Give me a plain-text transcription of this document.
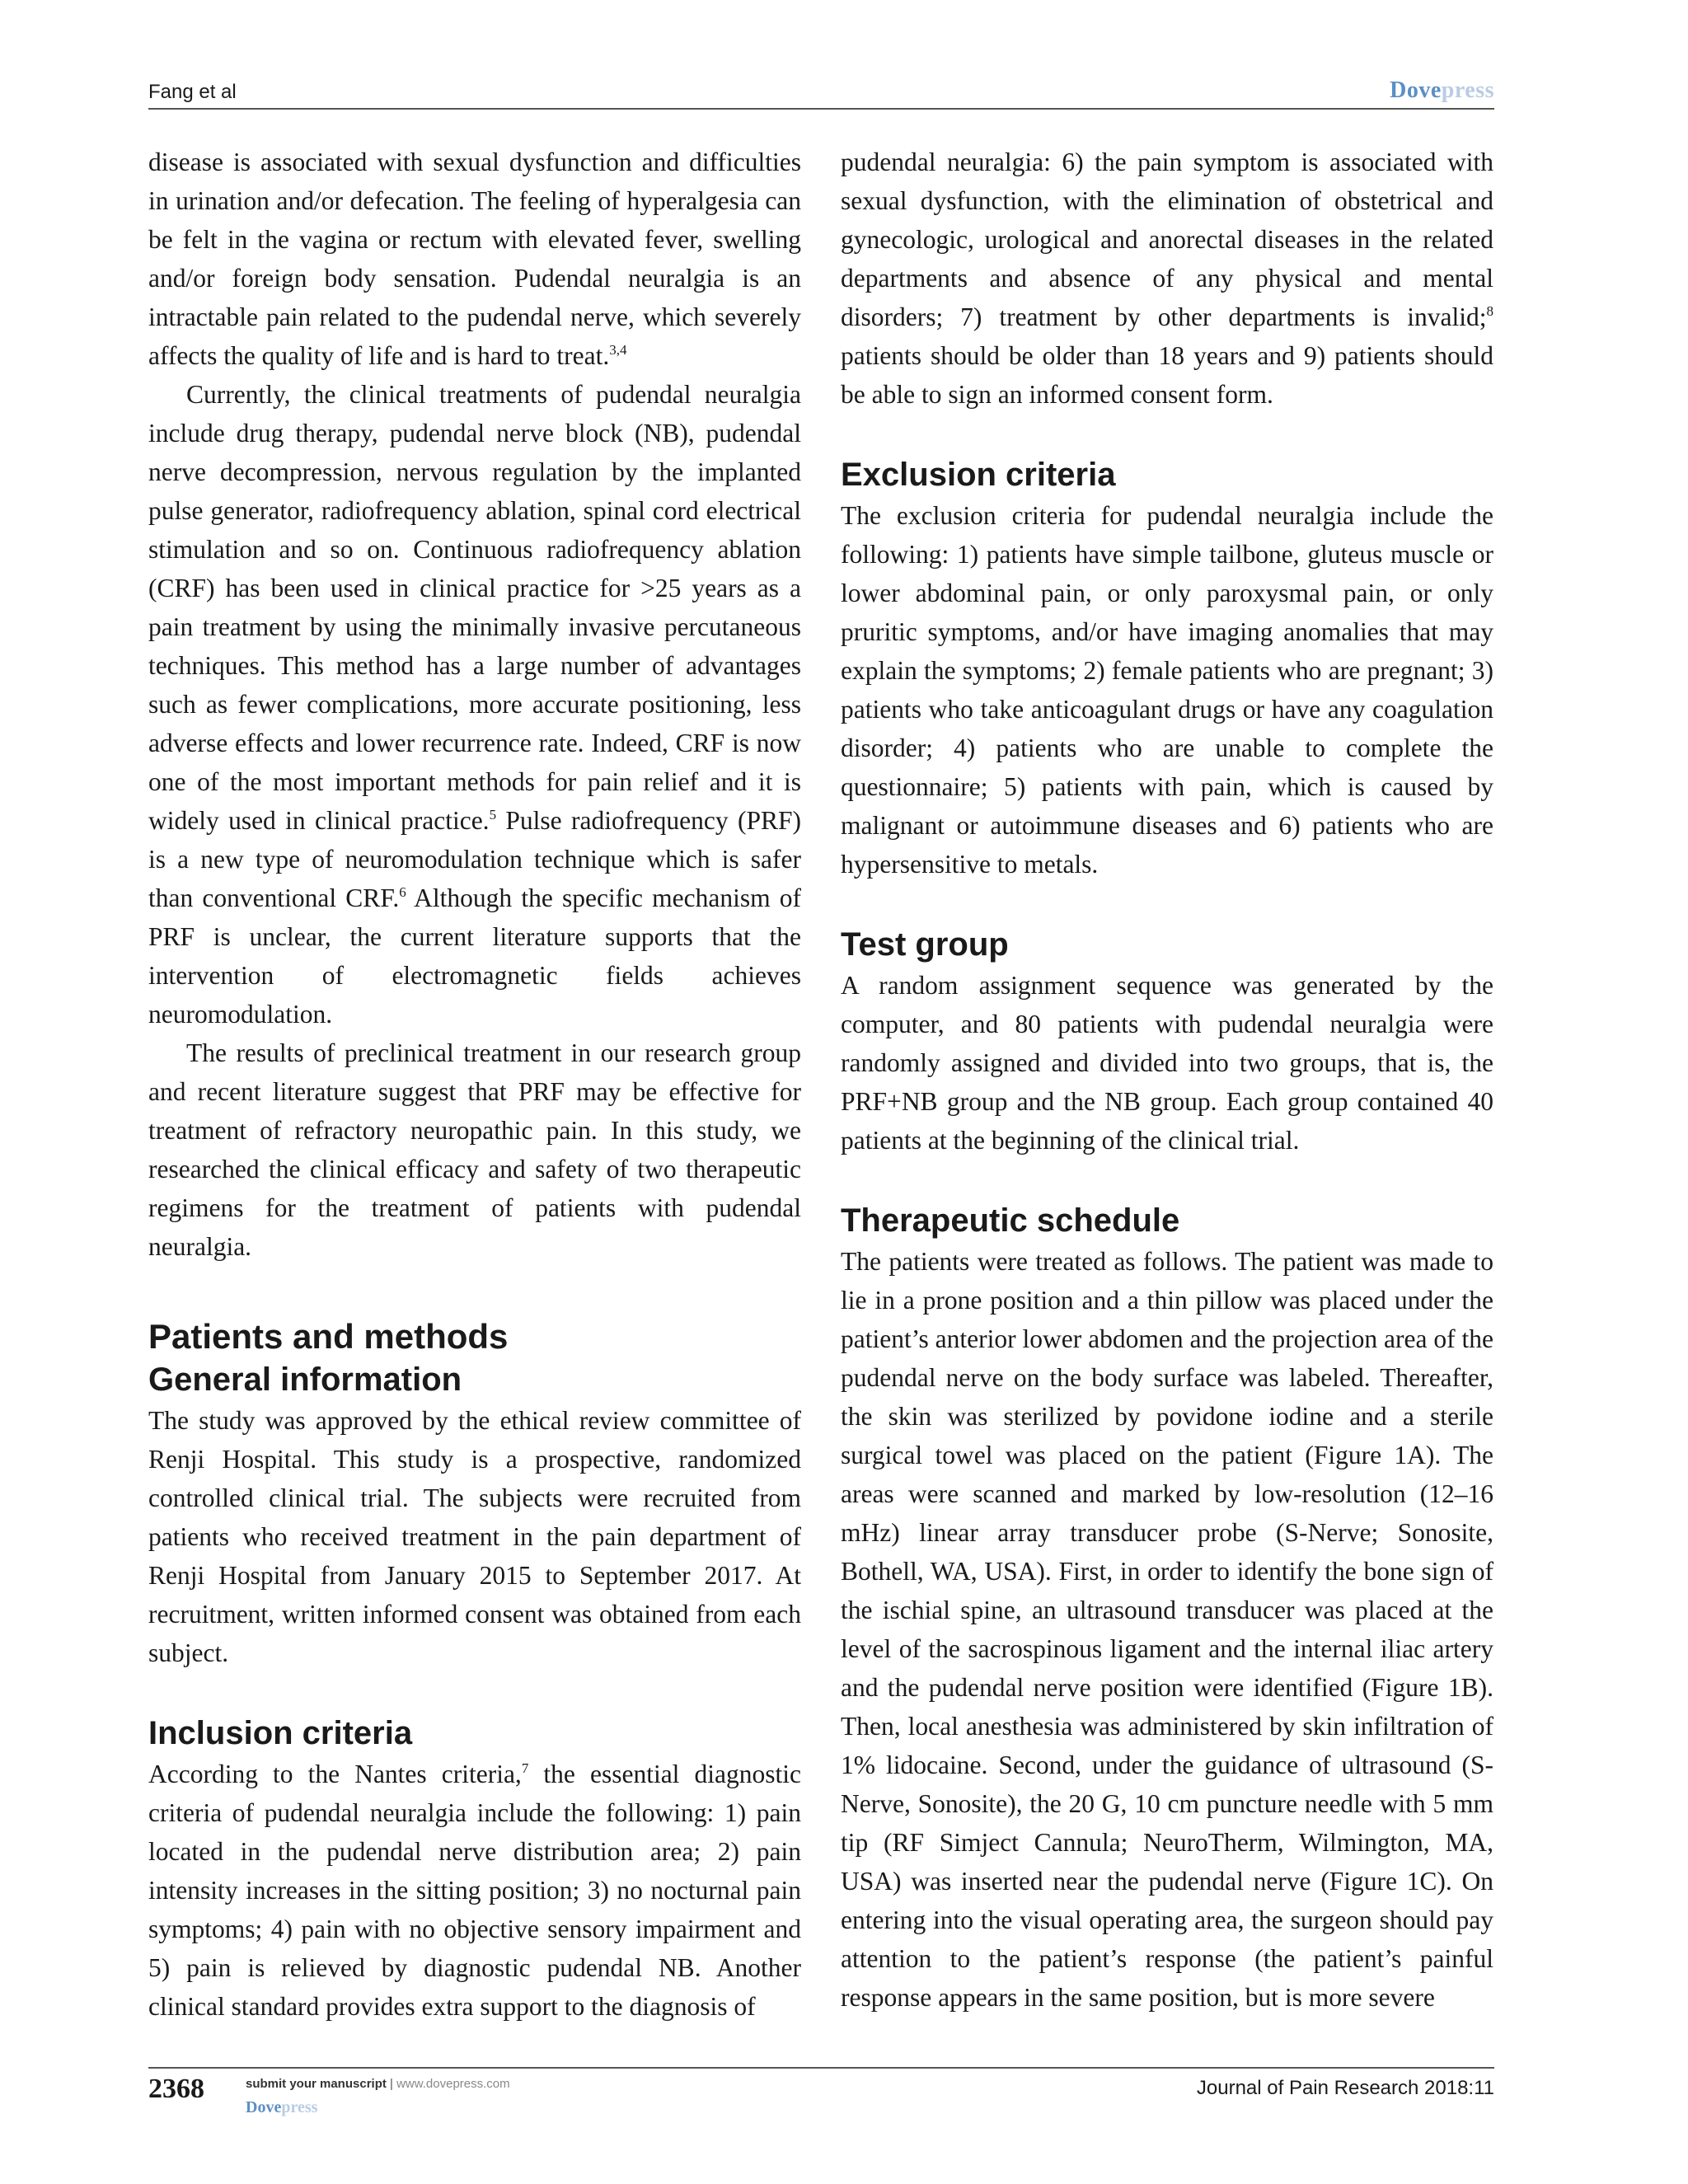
Fang et al	Dovepress

disease is associated with sexual dysfunction and difficulties in urination and/or defecation. The feeling of hyperalgesia can be felt in the vagina or rectum with elevated fever, swelling and/or foreign body sensation. Pudendal neuralgia is an intractable pain related to the pudendal nerve, which severely affects the quality of life and is hard to treat.$^{3,4}$

Currently, the clinical treatments of pudendal neuralgia include drug therapy, pudendal nerve block (NB), pudendal nerve decompression, nervous regulation by the implanted pulse generator, radiofrequency ablation, spinal cord electrical stimulation and so on. Continuous radiofrequency ablation (CRF) has been used in clinical practice for >25 years as a pain treatment by using the minimally invasive percutaneous techniques. This method has a large number of advantages such as fewer complications, more accurate positioning, less adverse effects and lower recurrence rate. Indeed, CRF is now one of the most important methods for pain relief and it is widely used in clinical practice.$^5$ Pulse radiofrequency (PRF) is a new type of neuromodulation technique which is safer than conventional CRF.$^6$ Although the specific mechanism of PRF is unclear, the current literature supports that the intervention of electromagnetic fields achieves neuromodulation.

The results of preclinical treatment in our research group and recent literature suggest that PRF may be effective for treatment of refractory neuropathic pain. In this study, we researched the clinical efficacy and safety of two therapeutic regimens for the treatment of patients with pudendal neuralgia.

Patients and methods
General information

The study was approved by the ethical review committee of Renji Hospital. This study is a prospective, randomized controlled clinical trial. The subjects were recruited from patients who received treatment in the pain department of Renji Hospital from January 2015 to September 2017. At recruitment, written informed consent was obtained from each subject.

Inclusion criteria

According to the Nantes criteria,$^7$ the essential diagnostic criteria of pudendal neuralgia include the following: 1) pain located in the pudendal nerve distribution area; 2) pain intensity increases in the sitting position; 3) no nocturnal pain symptoms; 4) pain with no objective sensory impairment and 5) pain is relieved by diagnostic pudendal NB. Another clinical standard provides extra support to the diagnosis of

pudendal neuralgia: 6) the pain symptom is associated with sexual dysfunction, with the elimination of obstetrical and gynecologic, urological and anorectal diseases in the related departments and absence of any physical and mental disorders; 7) treatment by other departments is invalid;$^8$ patients should be older than 18 years and 9) patients should be able to sign an informed consent form.

Exclusion criteria

The exclusion criteria for pudendal neuralgia include the following: 1) patients have simple tailbone, gluteus muscle or lower abdominal pain, or only paroxysmal pain, or only pruritic symptoms, and/or have imaging anomalies that may explain the symptoms; 2) female patients who are pregnant; 3) patients who take anticoagulant drugs or have any coagulation disorder; 4) patients who are unable to complete the questionnaire; 5) patients with pain, which is caused by malignant or autoimmune diseases and 6) patients who are hypersensitive to metals.

Test group

A random assignment sequence was generated by the computer, and 80 patients with pudendal neuralgia were randomly assigned and divided into two groups, that is, the PRF+NB group and the NB group. Each group contained 40 patients at the beginning of the clinical trial.

Therapeutic schedule

The patients were treated as follows. The patient was made to lie in a prone position and a thin pillow was placed under the patient’s anterior lower abdomen and the projection area of the pudendal nerve on the body surface was labeled. Thereafter, the skin was sterilized by povidone iodine and a sterile surgical towel was placed on the patient (Figure 1A). The areas were scanned and marked by low-resolution (12–16 mHz) linear array transducer probe (S-Nerve; Sonosite, Bothell, WA, USA). First, in order to identify the bone sign of the ischial spine, an ultrasound transducer was placed at the level of the sacrospinous ligament and the internal iliac artery and the pudendal nerve position were identified (Figure 1B). Then, local anesthesia was administered by skin infiltration of 1% lidocaine. Second, under the guidance of ultrasound (S-Nerve, Sonosite), the 20 G, 10 cm puncture needle with 5 mm tip (RF Simject Cannula; NeuroTherm, Wilmington, MA, USA) was inserted near the pudendal nerve (Figure 1C). On entering into the visual operating area, the surgeon should pay attention to the patient’s response (the patient’s painful response appears in the same position, but is more severe

2368	submit your manuscript | www.dovepress.com
Dovepress
Journal of Pain Research 2018:11
